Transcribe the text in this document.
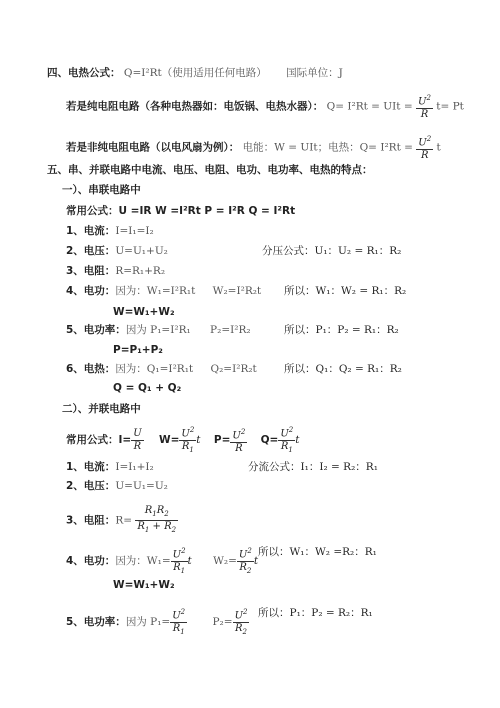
四、电热公式： Q=I²Rt（使用适用任何电路） 国际单位：J
若是纯电阻电路（各种电热器如：电饭锅、电热水器）： Q= I²Rt = UIt = $\frac{U^2}{R} t= Pt$
若是非纯电阻电路（以电风扇为例）： 电能：W = UIt；电热：$Q= I^2Rt = \frac{U^2}{R}$ t
五、串、并联电路中电流、电压、电阻、电功、电功率、电热的特点：
一）、串联电路中
常用公式：U =IR W =I²Rt P = I²R Q = I²Rt
1、电流：I=I₁=I₂
2、电压：U=U₁+U₂	分压公式：U₁：U₂ = R₁：R₂
3、电阻：R=R₁+R₂
4、电功：因为：W₁=I²R₁t W₂=I²R₂t 所以：W₁：W₂ = R₁：R₂
W=W₁+W₂
5、电功率：因为 P₁=I²R₁ P₂=I²R₂	所以：P₁：P₂ = R₁：R₂
P=P₁+P₂
6、电热：因为：Q₁=I²R₁t Q₂=I²R₂t	所以：Q₁：Q₂ = R₁：R₂
Q = Q₁ + Q₂
二）、并联电路中
常用公式：$I= \frac{U}{R} W= \frac{U^2}{R_1}$ t $P= \frac{U^2}{R} Q= \frac{U^2}{R_1}$ t
1、电流：I=I₁+I₂	分流公式：I₁：I₂ = R₂：R₁
2、电压：U=U₁=U₂
3、电阻：$R= \frac{R_1R_2}{R_1 + R_2}$
4、电功：因为：$W_1= \frac{U^2}{R_1}$ t $W_2= \frac{U^2}{R_2}$ t
所以：W₁：W₂ =R₂：R₁
W=W₁+W₂
5、电功率：因为 $P_1= \frac{U^2}{R_1} P_2= \frac{U^2}{R_2}$ 所以：P₁：P₂ = R₂：R₁
